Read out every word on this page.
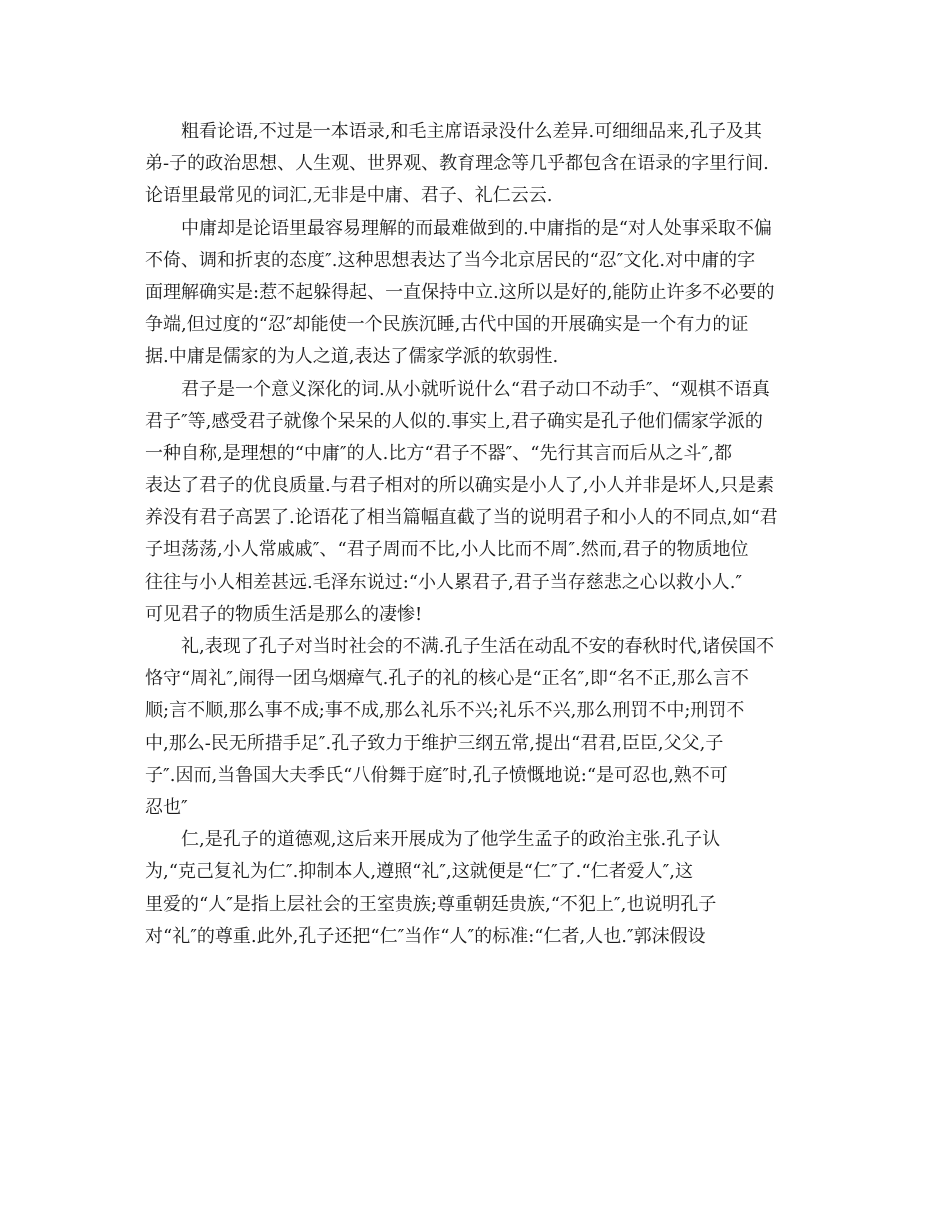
粗看论语,不过是一本语录,和毛主席语录没什么差异.可细细品来,孔子及其
弟-子的政治思想、人生观、世界观、教育理念等几乎都包含在语录的字里行间.
论语里最常见的词汇,无非是中庸、君子、礼仁云云.
中庸却是论语里最容易理解的而最难做到的.中庸指的是“对人处事采取不偏
不倚、调和折衷的态度″.这种思想表达了当今北京居民的“忍″文化.对中庸的字
面理解确实是:惹不起躲得起、一直保持中立.这所以是好的,能防止许多不必要的
争端,但过度的“忍″却能使一个民族沉睡,古代中国的开展确实是一个有力的证
据.中庸是儒家的为人之道,表达了儒家学派的软弱性.
君子是一个意义深化的词.从小就听说什么“君子动口不动手″、“观棋不语真
君子″等,感受君子就像个呆呆的人似的.事实上,君子确实是孔子他们儒家学派的
一种自称,是理想的“中庸″的人.比方“君子不器″、“先行其言而后从之斗″,都
表达了君子的优良质量.与君子相对的所以确实是小人了,小人并非是坏人,只是素
养没有君子高罢了.论语花了相当篇幅直截了当的说明君子和小人的不同点,如“君
子坦荡荡,小人常戚戚″、“君子周而不比,小人比而不周″.然而,君子的物质地位
往往与小人相差甚远.毛泽东说过:“小人累君子,君子当存慈悲之心以救小人.″
可见君子的物质生活是那么的凄惨!
礼,表现了孔子对当时社会的不满.孔子生活在动乱不安的春秋时代,诸侯国不
恪守“周礼″,闹得一团乌烟瘴气.孔子的礼的核心是“正名″,即“名不正,那么言不
顺;言不顺,那么事不成;事不成,那么礼乐不兴;礼乐不兴,那么刑罚不中;刑罚不
中,那么-民无所措手足″.孔子致力于维护三纲五常,提出“君君,臣臣,父父,子
子″.因而,当鲁国大夫季氏“八佾舞于庭″时,孔子愤慨地说:“是可忍也,熟不可
忍也″
仁,是孔子的道德观,这后来开展成为了他学生孟子的政治主张.孔子认
为,“克己复礼为仁″.抑制本人,遵照“礼″,这就便是“仁″了.“仁者爱人″,这
里爱的“人″是指上层社会的王室贵族;尊重朝廷贵族,“不犯上″,也说明孔子
对“礼″的尊重.此外,孔子还把“仁″当作“人″的标准:“仁者,人也.″郭沫假设
